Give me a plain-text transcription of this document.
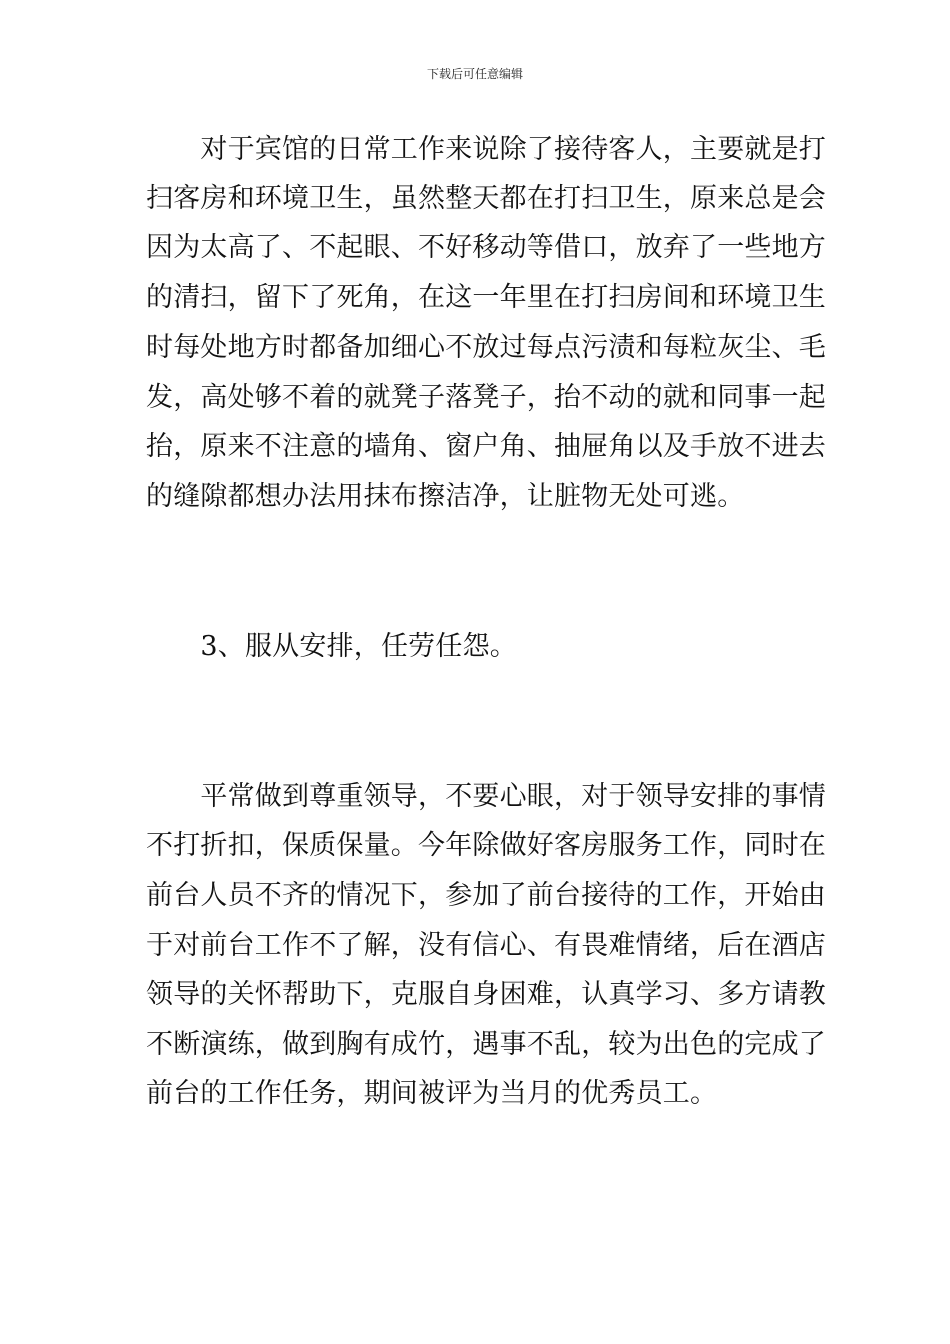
下载后可任意编辑
　　对于宾馆的日常工作来说除了接待客人，主要就是打
扫客房和环境卫生，虽然整天都在打扫卫生，原来总是会
因为太高了、不起眼、不好移动等借口，放弃了一些地方
的清扫，留下了死角，在这一年里在打扫房间和环境卫生
时每处地方时都备加细心不放过每点污渍和每粒灰尘、毛
发，高处够不着的就凳子落凳子，抬不动的就和同事一起
抬，原来不注意的墙角、窗户角、抽屉角以及手放不进去
的缝隙都想办法用抹布擦洁净，让脏物无处可逃。
　　3、服从安排，任劳任怨。
　　平常做到尊重领导，不要心眼，对于领导安排的事情
不打折扣，保质保量。今年除做好客房服务工作，同时在
前台人员不齐的情况下，参加了前台接待的工作，开始由
于对前台工作不了解，没有信心、有畏难情绪，后在酒店
领导的关怀帮助下，克服自身困难，认真学习、多方请教
不断演练，做到胸有成竹，遇事不乱，较为出色的完成了
前台的工作任务，期间被评为当月的优秀员工。
